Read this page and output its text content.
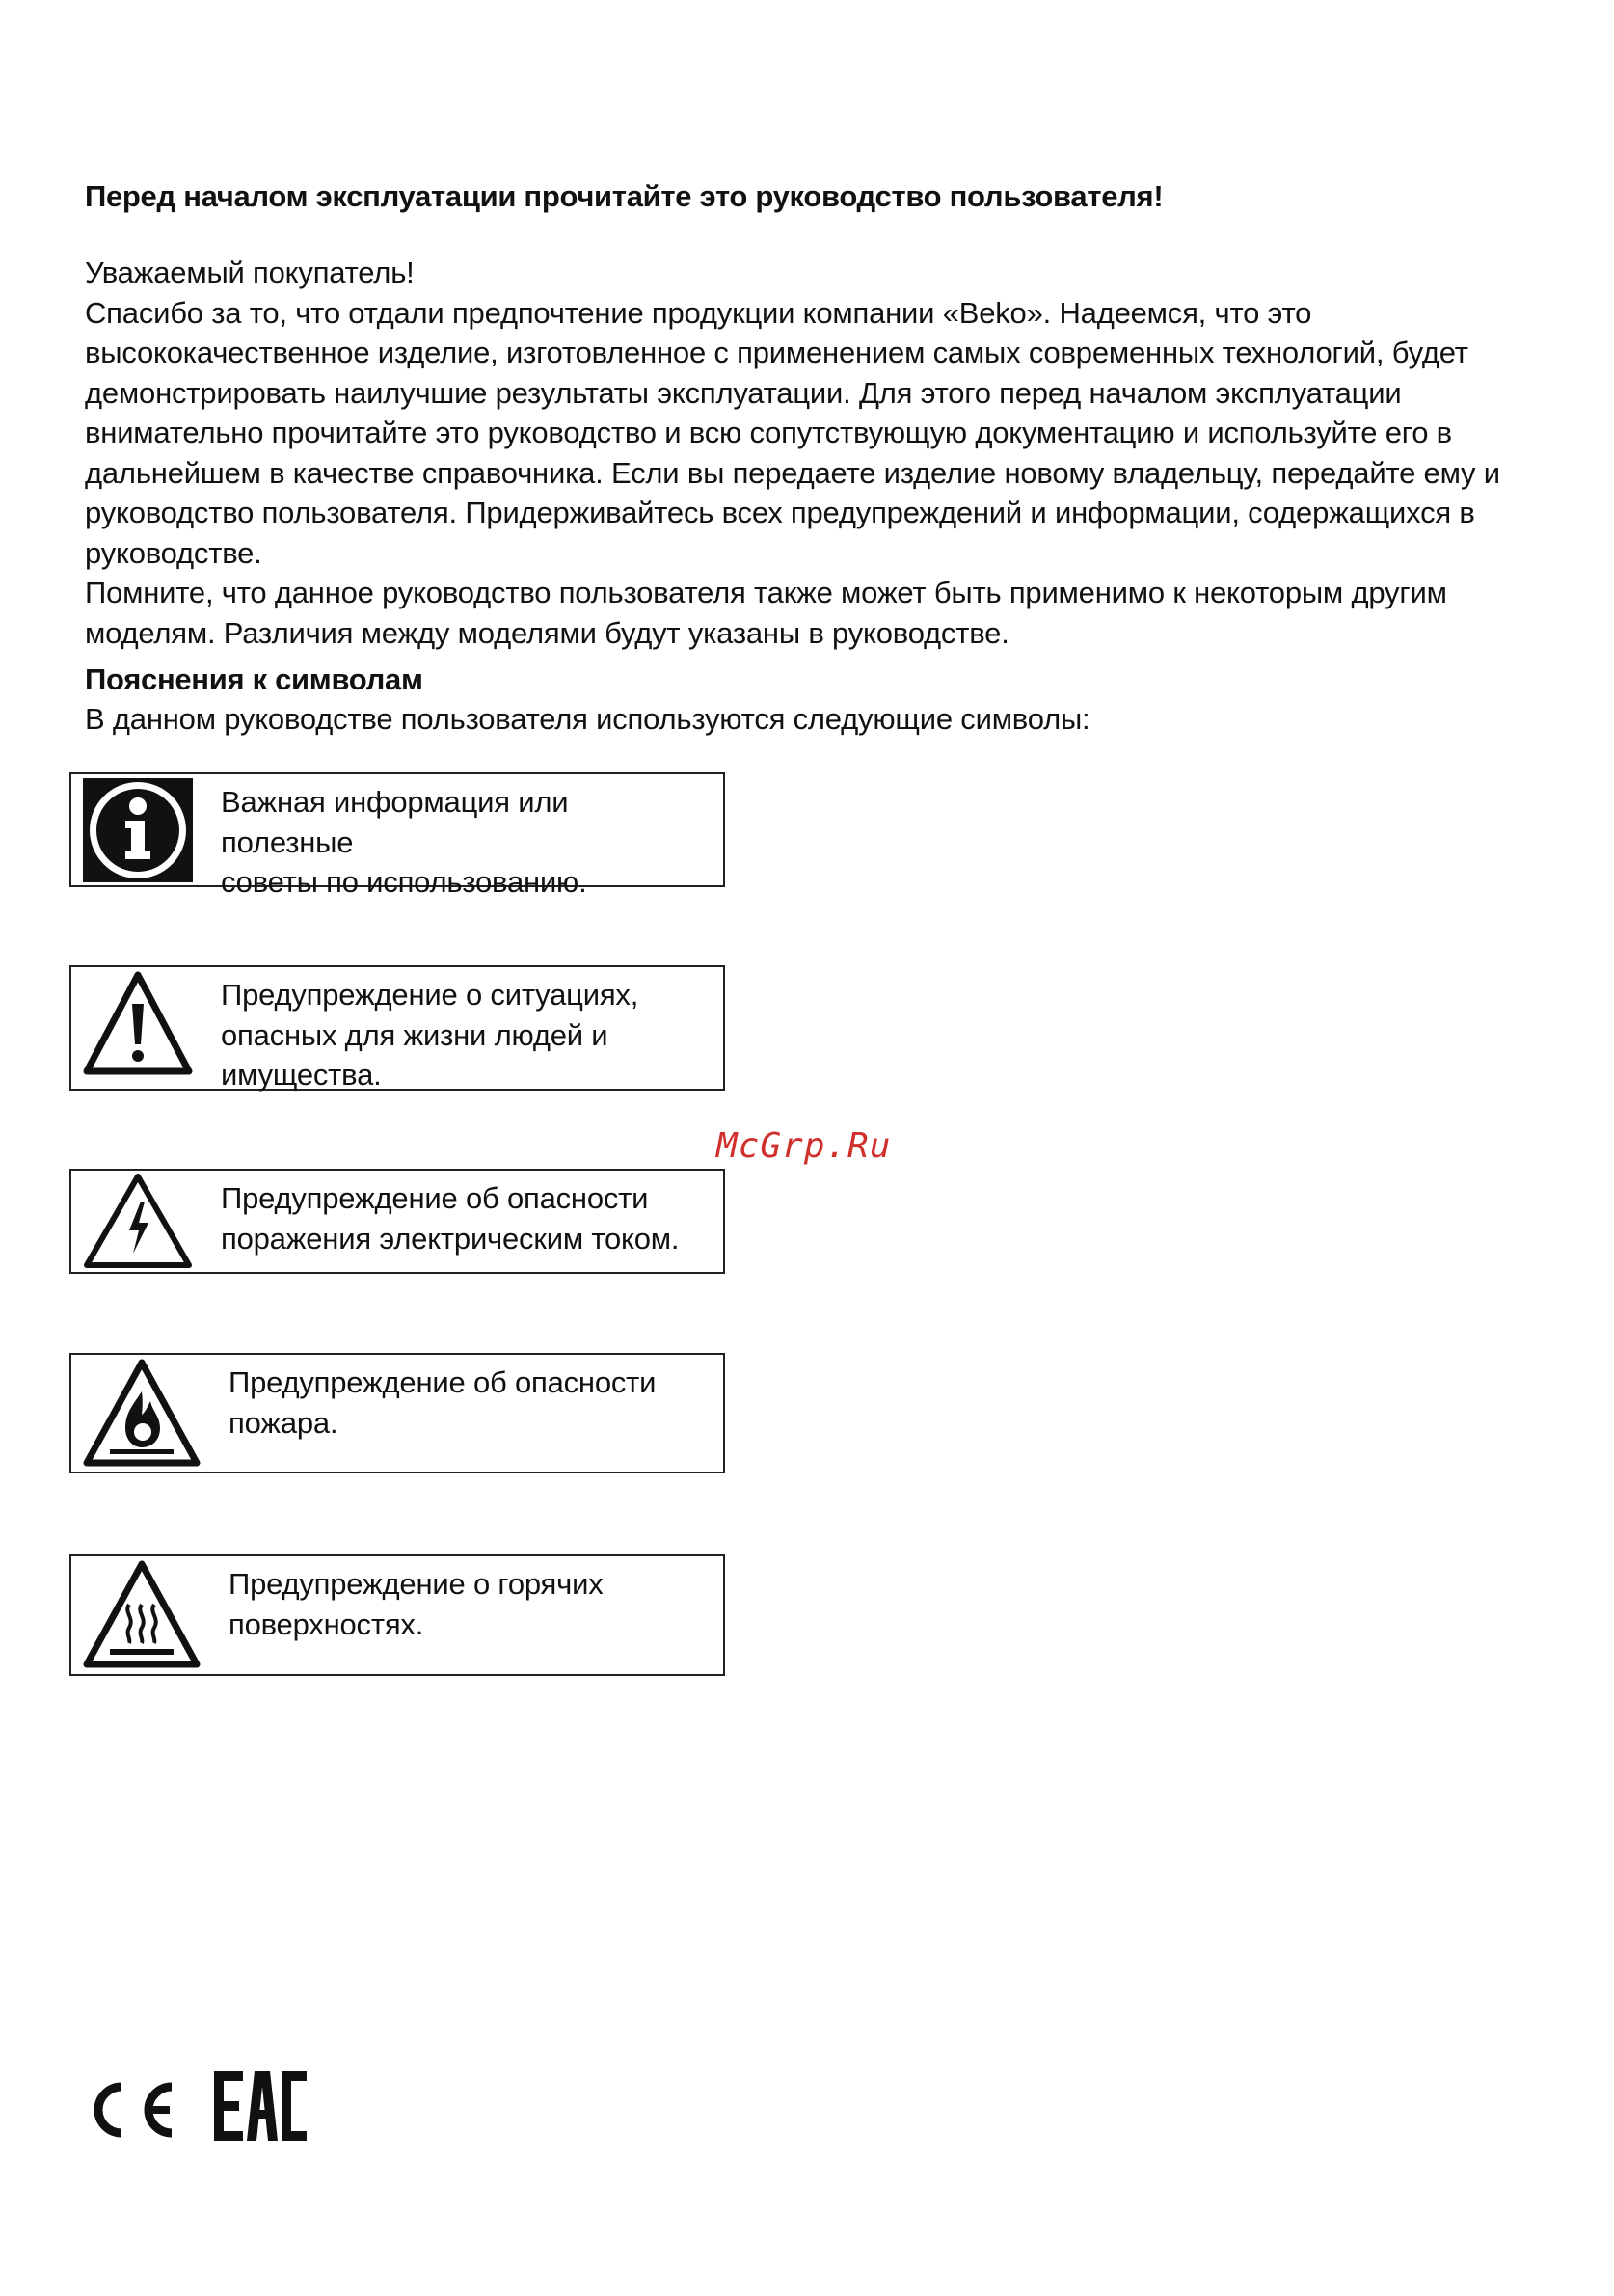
Перед началом эксплуатации прочитайте это руководство пользователя!

Уважаемый покупатель!

Спасибо за то, что отдали предпочтение продукции компании «Beko». Надеемся, что это
высококачественное изделие, изготовленное с применением самых современных технологий, будет
демонстрировать наилучшие результаты эксплуатации. Для этого перед началом эксплуатации
внимательно прочитайте это руководство и всю сопутствующую документацию и используйте его в
дальнейшем в качестве справочника. Если вы передаете изделие новому владельцу, передайте ему и
руководство пользователя. Придерживайтесь всех предупреждений и информации, содержащихся в
руководстве.

Помните, что данное руководство пользователя также может быть применимо к некоторым другим
моделям. Различия между моделями будут указаны в руководстве.

Пояснения к символам
В данном руководстве пользователя используются следующие символы:
Важная информация или полезные
советы по использованию.
Предупреждение о ситуациях,
опасных для жизни людей и
имущества.
Предупреждение об опасности
поражения электрическим током.
Предупреждение об опасности
пожара.
Предупреждение о горячих
поверхностях.
McGrp.Ru
